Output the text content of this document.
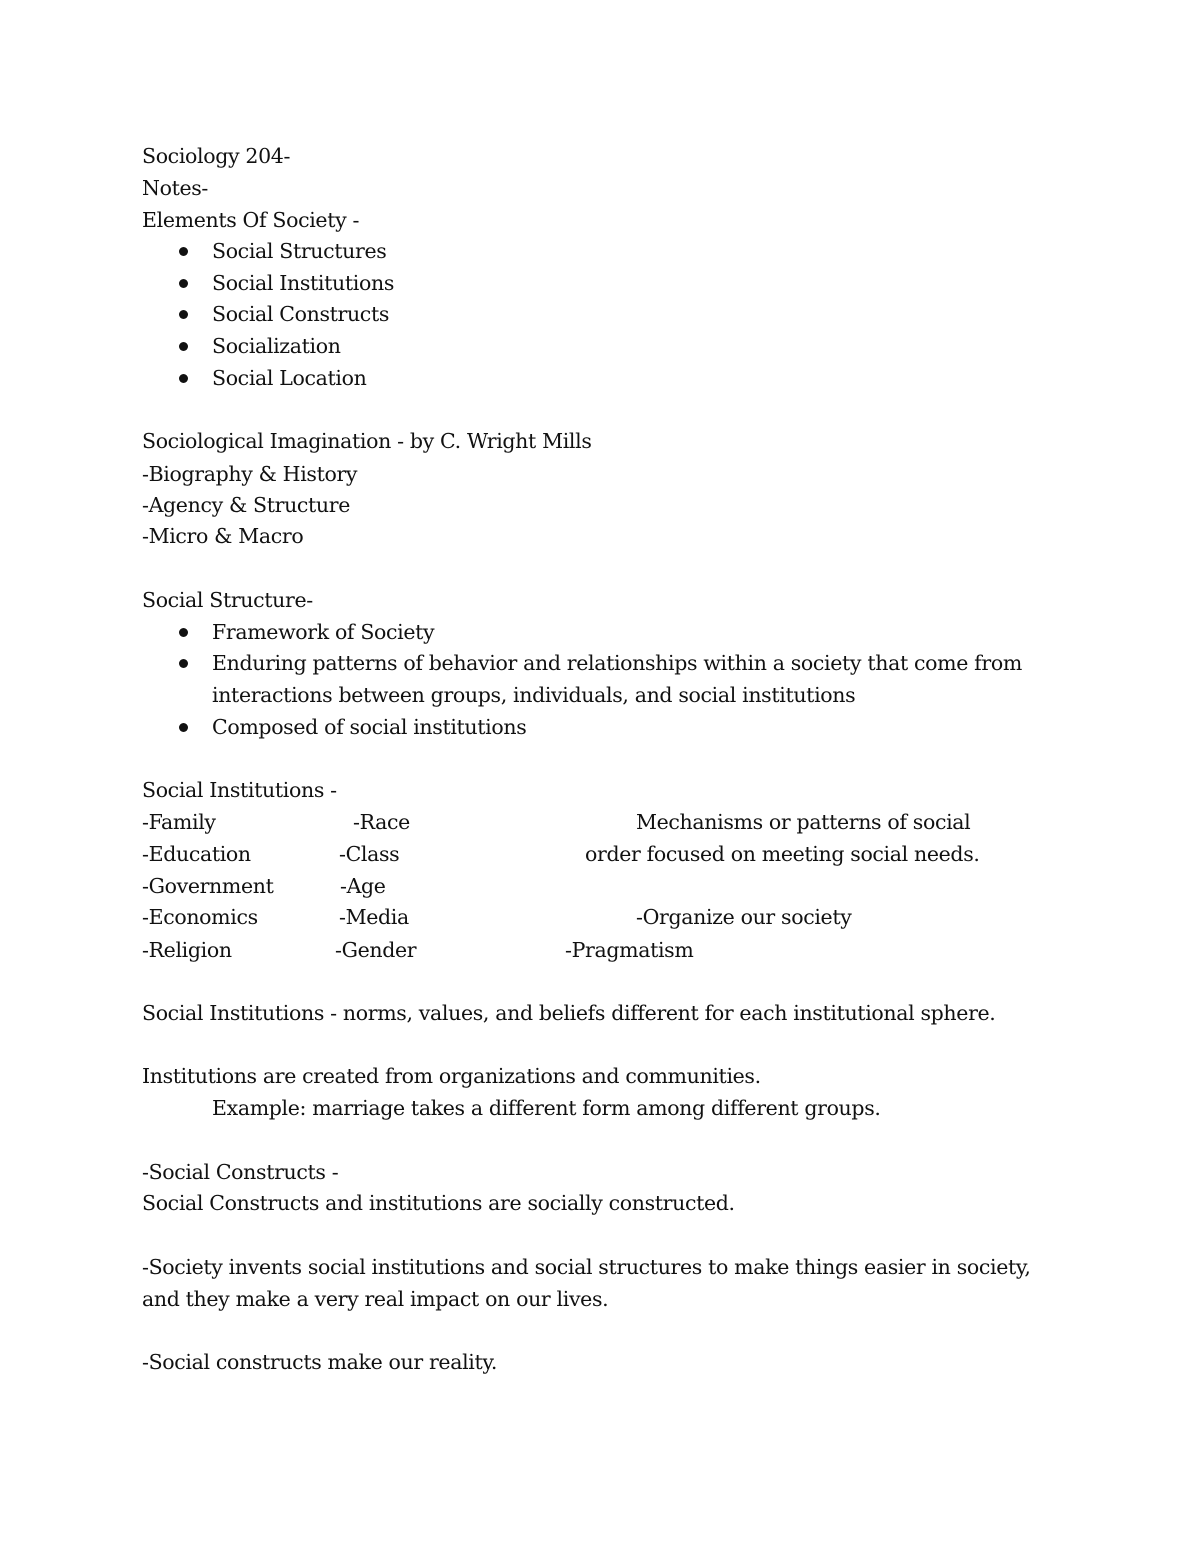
Sociology 204-
Notes-
Elements Of Society -
Social Structures
Social Institutions
Social Constructs
Socialization
Social Location
Sociological Imagination - by C. Wright Mills
-Biography & History
-Agency & Structure
-Micro & Macro
Social Structure-
Framework of Society
Enduring patterns of behavior and relationships within a society that come from
interactions between groups, individuals, and social institutions
Composed of social institutions
Social Institutions -
-Family
-Education
-Government
-Economics
-Religion
-Race
-Class
-Age
-Media
-Gender
Mechanisms or patterns of social
order focused on meeting social needs.
-Organize our society
-Pragmatism
Social Institutions - norms, values, and beliefs different for each institutional sphere.
Institutions are created from organizations and communities.
Example: marriage takes a different form among different groups.
-Social Constructs -
Social Constructs and institutions are socially constructed.
-Society invents social institutions and social structures to make things easier in society,
and they make a very real impact on our lives.
-Social constructs make our reality.
